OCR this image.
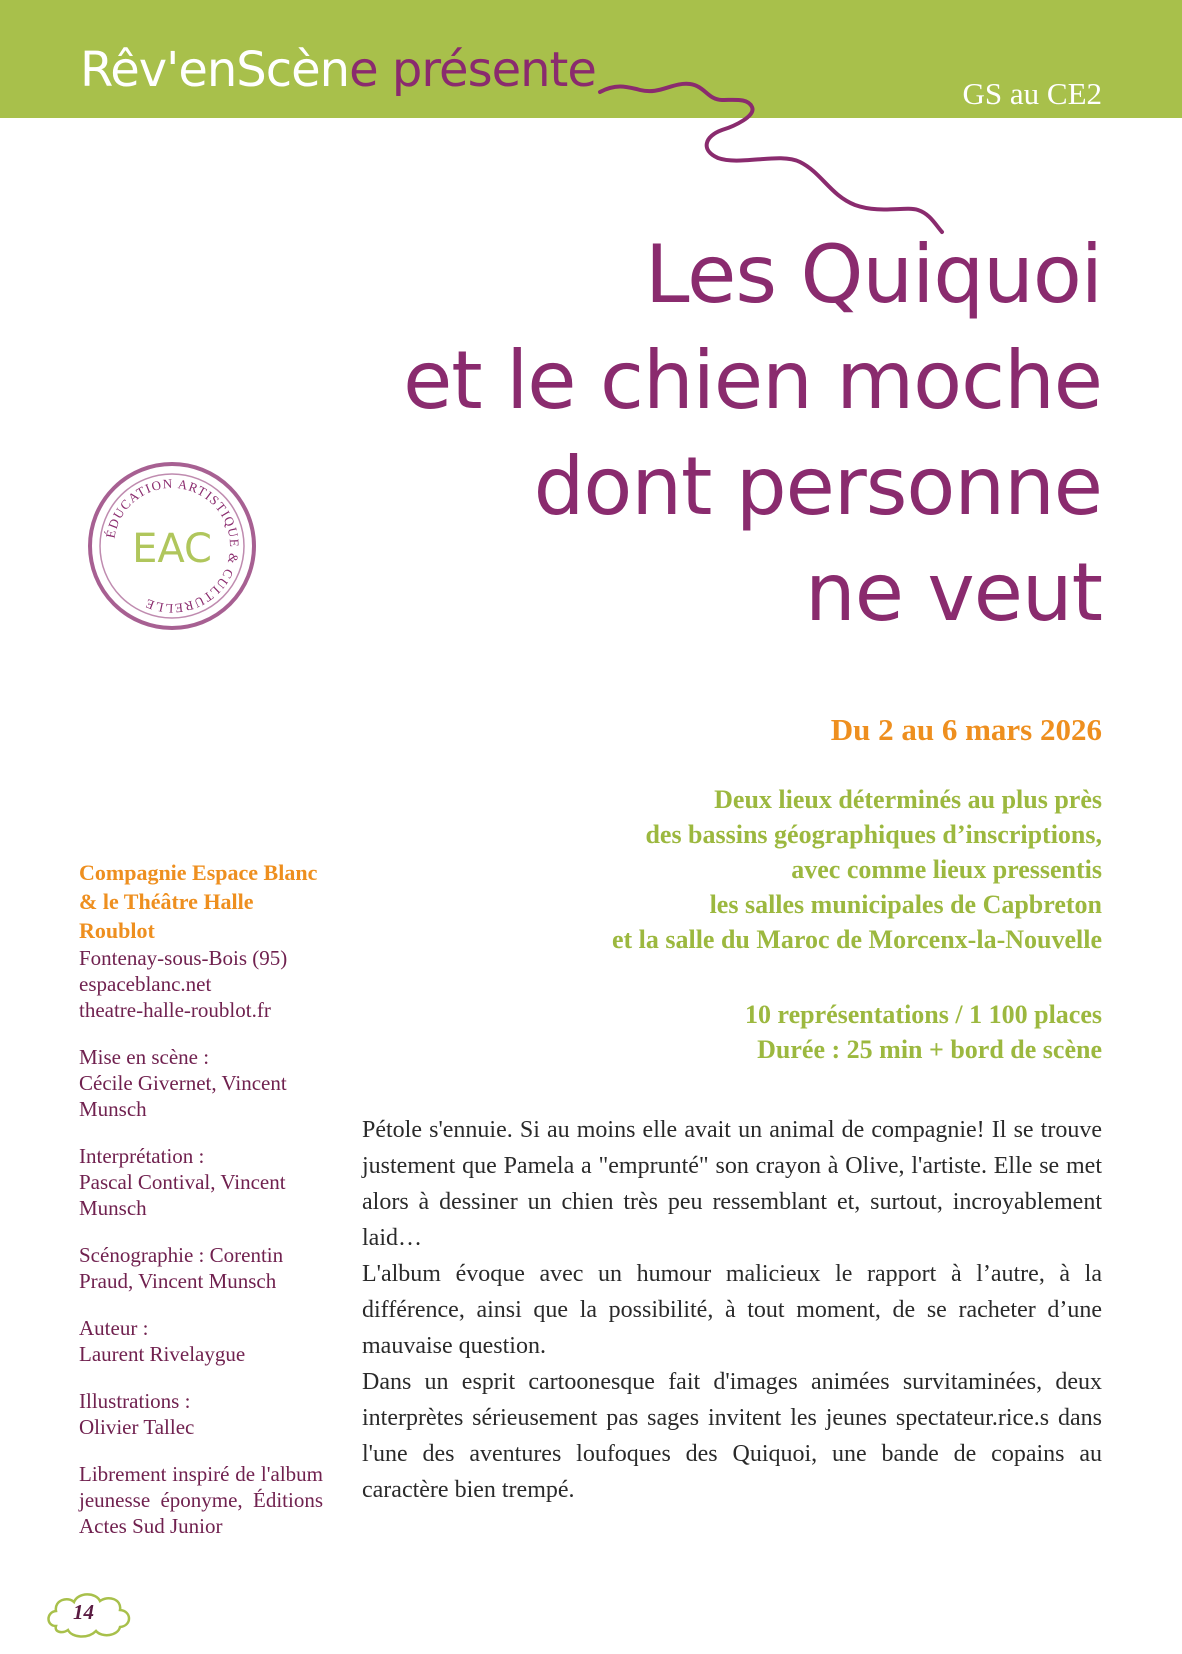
Rêv'enScène présente	GS au CE2
Les Quiquoi
et le chien moche
dont personne
ne veut
ÉDUCATION ARTISTIQUE & CULTURELLE
EAC
Du 2 au 6 mars 2026
Deux lieux déterminés au plus près
des bassins géographiques d’inscriptions,
avec comme lieux pressentis
les salles municipales de Capbreton
et la salle du Maroc de Morcenx-la-Nouvelle
10 représentations / 1 100 places
Durée : 25 min + bord de scène

Pétole s'ennuie. Si au moins elle avait un animal de compagnie! Il se trouve justement que Pamela a "emprunté" son crayon à Olive, l'artiste. Elle se met alors à dessiner un chien très peu ressemblant et, surtout, incroyablement laid…

L'album évoque avec un humour malicieux le rapport à l’autre, à la différence, ainsi que la possibilité, à tout moment, de se racheter d’une mauvaise question.

Dans un esprit cartoonesque fait d'images animées survitaminées, deux interprètes sérieusement pas sages invitent les jeunes spectateur.rice.s dans l'une des aventures loufoques des Quiquoi, une bande de copains au caractère bien trempé.

Compagnie Espace Blanc & le Théâtre Halle Roublot
Fontenay-sous-Bois (95)
espaceblanc.net
theatre-halle-roublot.fr
Mise en scène :
Cécile Givernet, Vincent Munsch
Interprétation :
Pascal Contival, Vincent Munsch
Scénographie : Corentin Praud, Vincent Munsch
Auteur :
Laurent Rivelaygue
Illustrations :
Olivier Tallec
Librement inspiré de l'album jeunesse éponyme, Éditions Actes Sud Junior
14
